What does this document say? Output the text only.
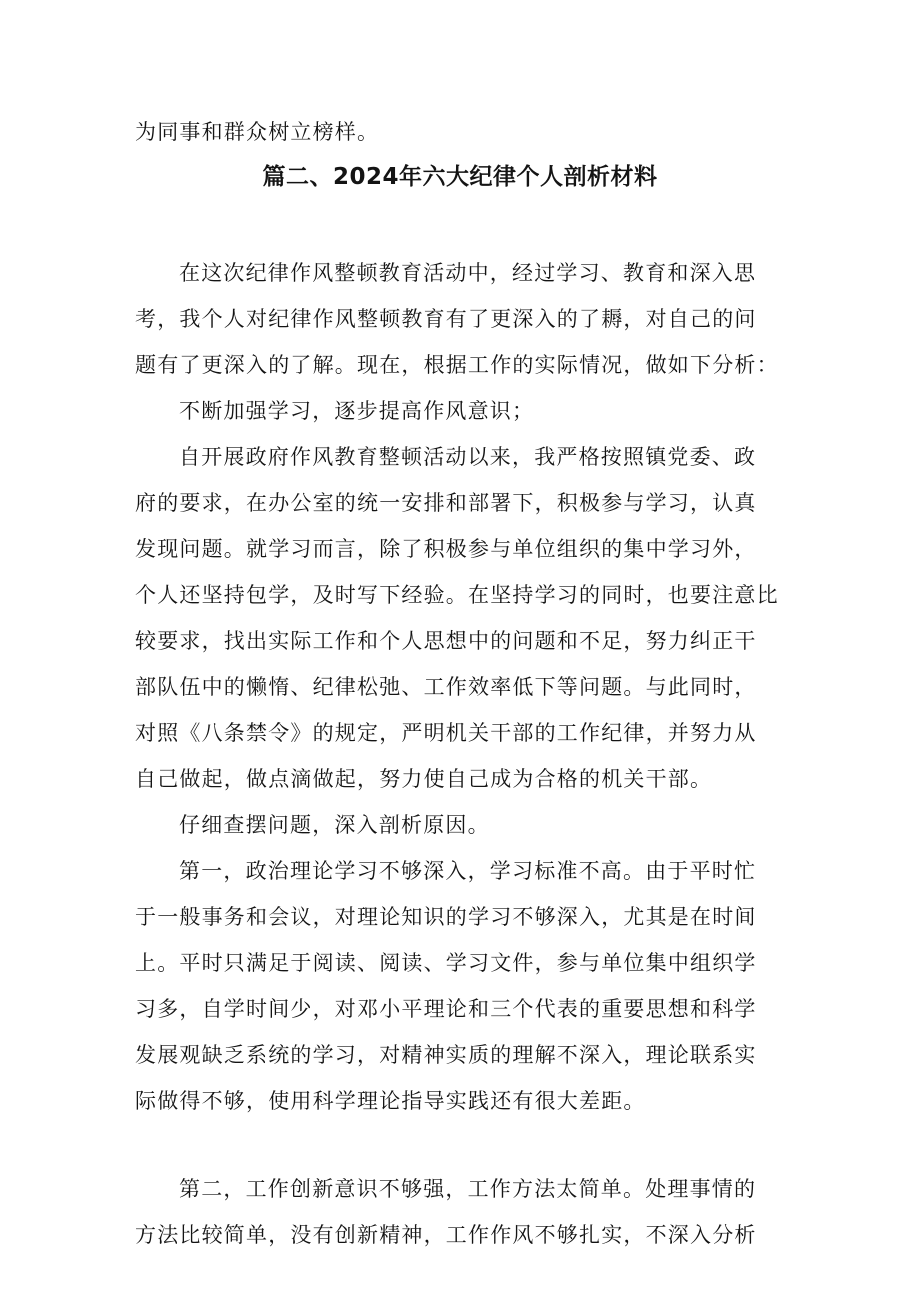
为同事和群众树立榜样。
篇二、2024年六大纪律个人剖析材料
在这次纪律作风整顿教育活动中，经过学习、教育和深入思
考，我个人对纪律作风整顿教育有了更深入的了耨，对自己的问
题有了更深入的了解。现在，根据工作的实际情况，做如下分析：
不断加强学习，逐步提高作风意识；
自开展政府作风教育整顿活动以来，我严格按照镇党委、政
府的要求，在办公室的统一安排和部署下，积极参与学习，认真
发现问题。就学习而言，除了积极参与单位组织的集中学习外，
个人还坚持包学，及时写下经验。在坚持学习的同时，也要注意比
较要求，找出实际工作和个人思想中的问题和不足，努力纠正干
部队伍中的懒惰、纪律松弛、工作效率低下等问题。与此同时，
对照《八条禁令》的规定，严明机关干部的工作纪律，并努力从
自己做起，做点滴做起，努力使自己成为合格的机关干部。
仔细查摆问题，深入剖析原因。
第一，政治理论学习不够深入，学习标准不高。由于平时忙
于一般事务和会议，对理论知识的学习不够深入，尤其是在时间
上。平时只满足于阅读、阅读、学习文件，参与单位集中组织学
习多，自学时间少，对邓小平理论和三个代表的重要思想和科学
发展观缺乏系统的学习，对精神实质的理解不深入，理论联系实
际做得不够，使用科学理论指导实践还有很大差距。
第二，工作创新意识不够强，工作方法太简单。处理事情的
方法比较简单，没有创新精神，工作作风不够扎实，不深入分析
